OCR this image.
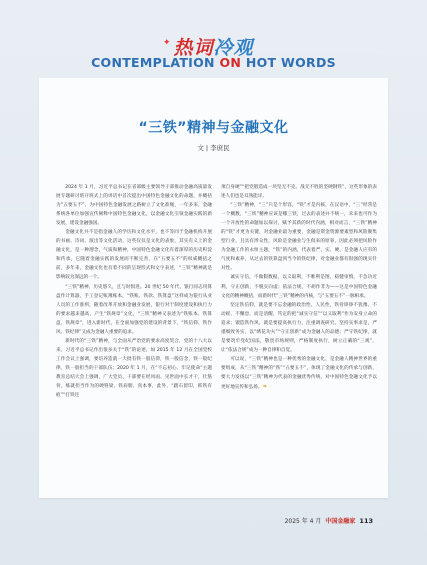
热词冷观
✦
CONTEMPLATION ON HOT WORDS
“三铁”精神与金融文化
文 | 李庶民

2024 年 1 月，习近平总书记在省部级主要领导干部推动金融高质量发展专题研讨班开班式上的讲话中首次提出中国特色金融文化的命题，并概括为“五要五不”，为中国特色金融发展之路树立了文化准绳，一年多来，金融系统各单位加强宣传阐释中国特色金融文化，以金融文化引领金融实践的新发展，建设金融强国。

金融文化并不是指金融人的学历和文化水平，也不等同于金融机构开展的书画、诗词、演出等文化活动，这些仅仅是文化的表象，其实有义上的金融文化，是一种理念，气质和精神，中国特色金融文化有着深厚的历史积淀和传承，它随着金融实践的发展而不断完善，在“五要五不”的权威概括之前，多年来，金融文化也有着不同的呈现形式和文字表述，“三铁”精神就是影响较为深远的一个。

“三铁”精神，历史悠久，且与时俱进。20 世纪 50 年代，银行同志用算盘作计算器，手工登记账簿账本，“铁账、铁款、铁算盘”这样成为银行从业人员的工作准则，随着改革开放和金融业发展，银行对于制度建设和执行力的要求越来越高，产生“铁规章”文化，“三铁”精神又表述为“铁账本、铁算盘、铁规章”，进入新时代，在全面加强党的建设的背景下，“铁信仰、铁作风、铁纪律”又成为金融人重要的追求。

新时代的“三铁”精神，与全面从严治党的要求高度契合，党的十八大以来，习近平总书记作出很多关于“铁”的论述，如 2015 年 12 月在全国党校工作会议上强调，要培养造就一大批有铁一般信仰，铁一般信念，铁一般纪律，铁一般担当的干部队伍；2020 年 1 月，在“不忘初心、牢记使命”主题教育总结大会上强调，广大党员、干部要在经风雨、见世面中长才干，壮筋骨，练就担当作为的硬脊梁、铁肩膀、真本事，此外，“踏石留印，抓铁有痕”“打铁还

须自身硬”“把党锻造成一块坚无不克、战无不胜的坚硬钢铁”，这些形象的表述人们也是耳熟能详。

“三铁”精神，“三”只是个形容，“铁”才是内核，在汉语中，“三”经常是一个概数，“三铁”精神应该是哪三铁，过去的表述并不统一，未来也可作为一个开放性的命题加以探讨，赋予其新的时代内涵，相对而言，“三铁”精神的“铁”才更为关键，对金融业最为重要，金融是资金资源要素型和风险聚集型行业，且具有涉众性，风险是金融业与生俱来的原罪，因此必须把风险作为金融工作的永恒主题，“铁”的内涵，代表着严、实、硬，是金融人应有的气度和素养，从过去的铁算盘到当今的铁纪律，对金融业都有很强的现实针对性。

诚实守信，不做假数据，以义取利，不唯利是图，稳健审慎，不急功近利，守正创新，不脱实向虚；依法合规，不胡作非为——这是中国特色金融文化的精神概括，而新时代“三铁”精神的内核，与“五要五不”一脉相承。

坚定铁信仰，就是要不忘金融的政治性、人民性，铁骨铮铮不犹豫、不动摇、不懈怠，而是清醒、笃定的把“诚实守信”“以义取利”作为安身立命的追求；锻造铁作风，就是要提高执行力，注重调查研究，坚持实事求是，严谨细致务实，以“绣花功夫”“守正创新”成为金融人的品德；严守铁纪律，就是要筑牢党纪国法，敬畏市场规则，严格制度执行，树立正确的“三观”，让“依法合规”成为一种自律和自觉。

可以说，“三铁”精神也是一种优秀的金融文化，是金融人精神世界的重要组成，从“三铁”精神的“铁”“五要五不”，体现了金融文化的传承与创新，要大力发扬以“三铁”精神为代表的金融优秀传统，对中国特色金融文化予以更好地宣传和弘扬。❧

2025 年 4 月 中国金融家 113
